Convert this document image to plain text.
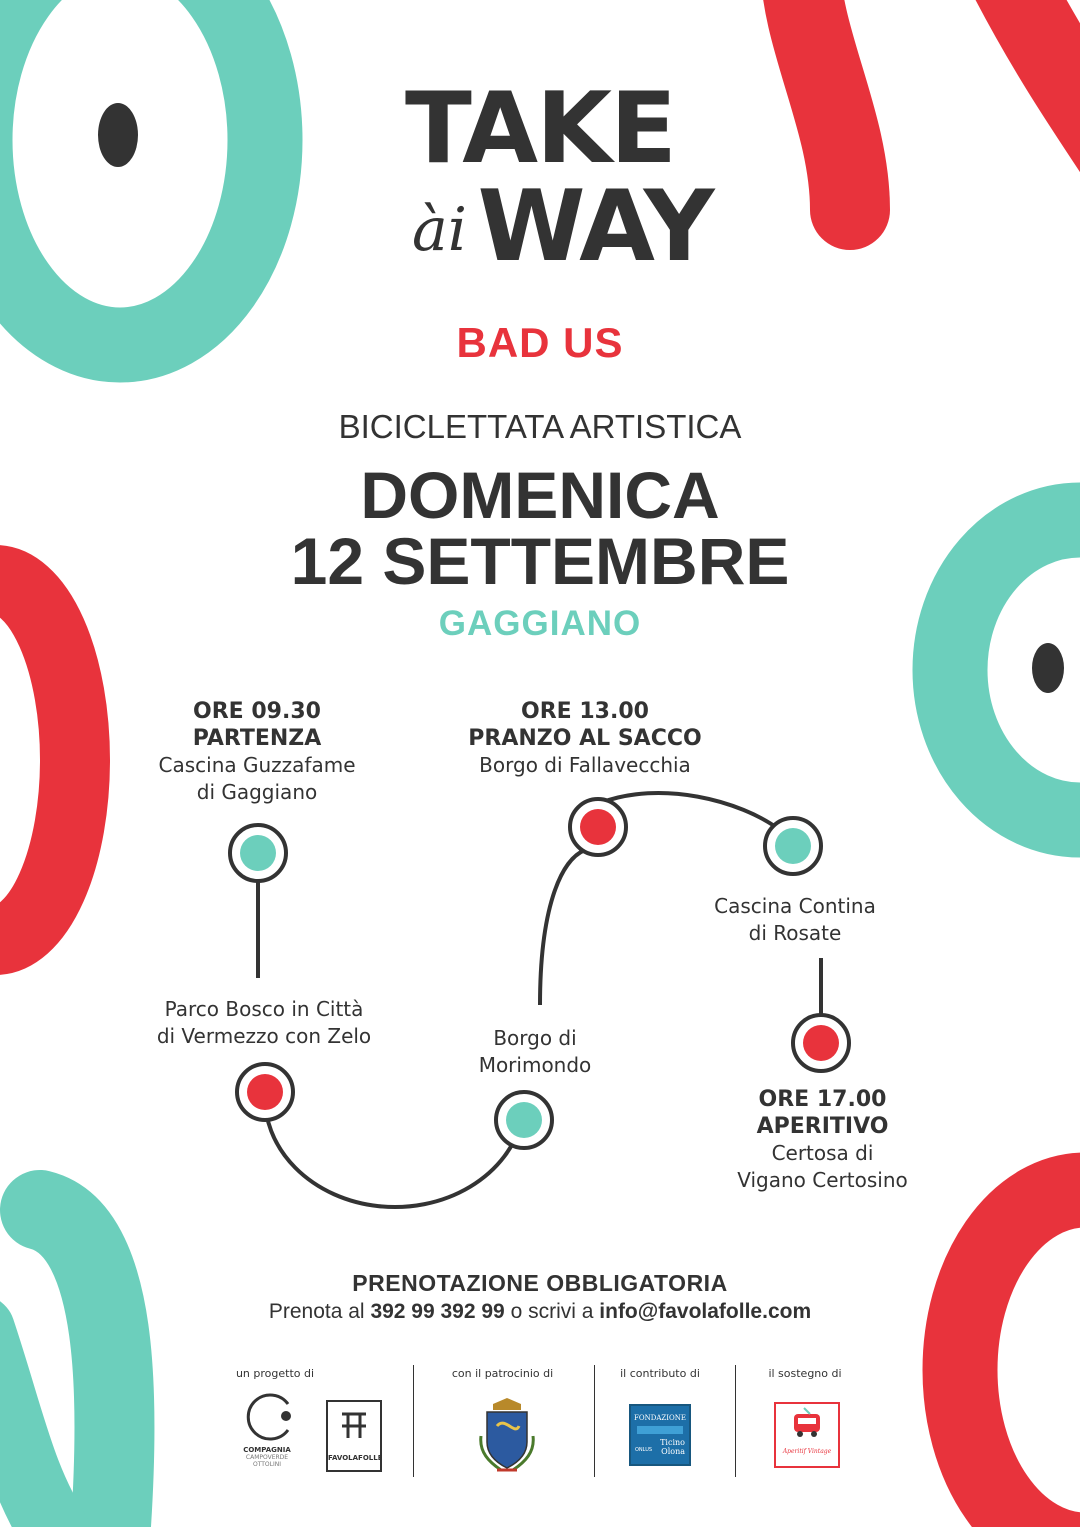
TAKE
ài WAY
BAD US
BICICLETTATA ARTISTICA
DOMENICA
12 SETTEMBRE
GAGGIANO
ORE 09.30
PARTENZA
Cascina Guzzafame
di Gaggiano
ORE 13.00
PRANZO AL SACCO
Borgo di Fallavecchia
Parco Bosco in Città
di Vermezzo con Zelo	Borgo di
Morimondo
Cascina Contina
di Rosate
ORE 17.00
APERITIVO
Certosa di
Vigano Certosino
PRENOTAZIONE OBBLIGATORIA
Prenota al 392 99 392 99 o scrivi a info@favolafolle.com
un progetto di	con il patrocinio di	il contributo di	il sostegno di
COMPAGNIA
CAMPOVERDE
OTTOLINI
FAVOLAFOLLE
FONDAZIONE
Ticino
ONLUS Olona	Aperitif Vintage
